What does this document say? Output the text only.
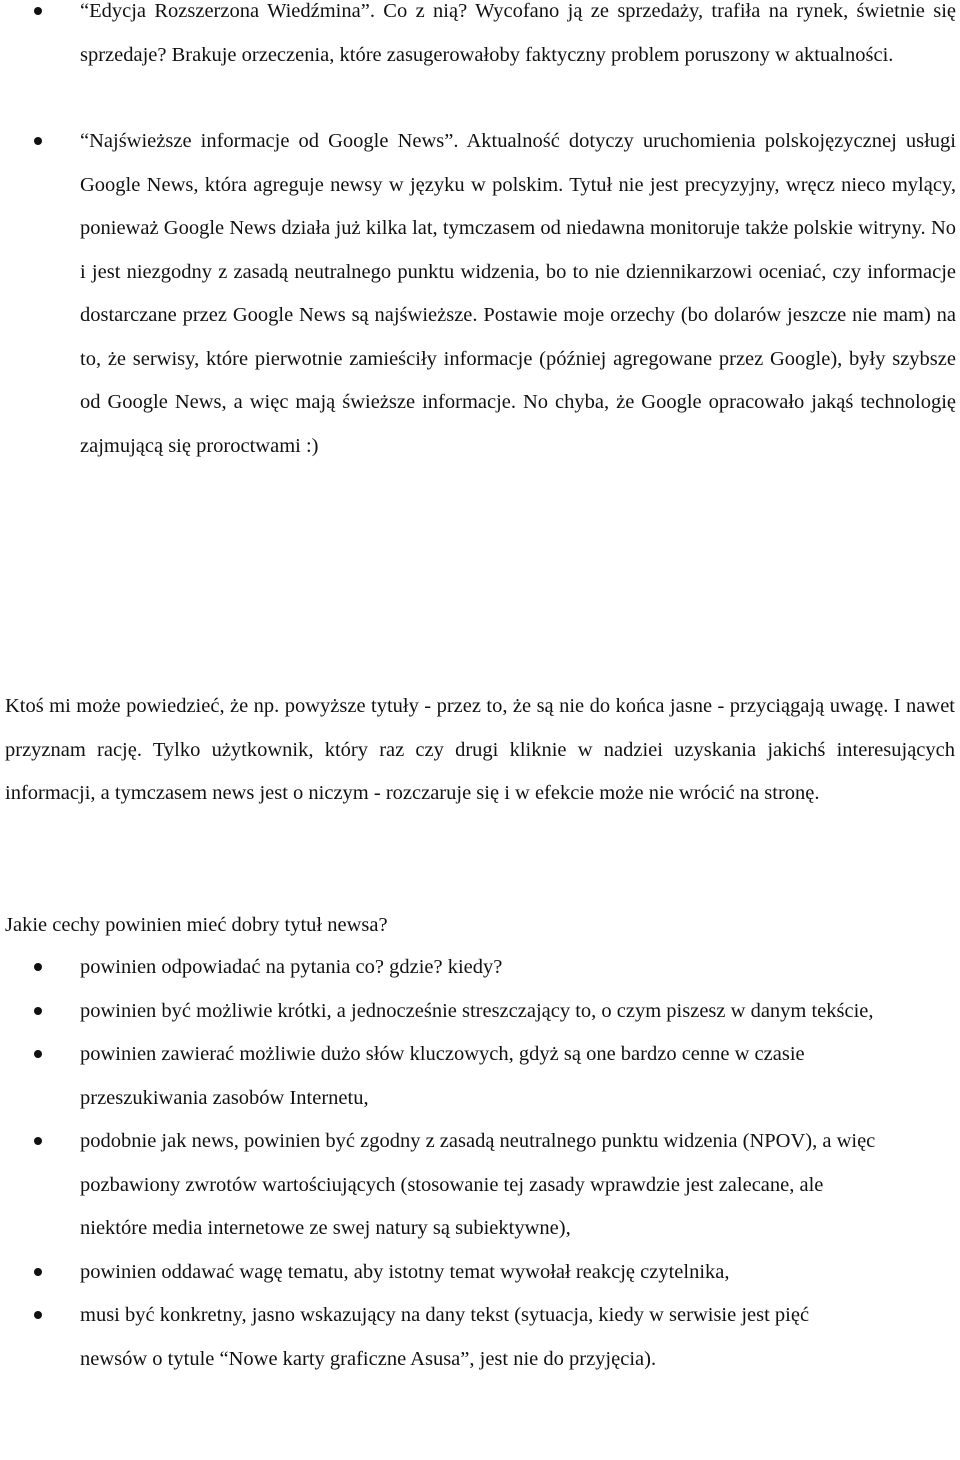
“Edycja Rozszerzona Wiedźmina”. Co z nią? Wycofano ją ze sprzedaży, trafiła na rynek, świetnie się sprzedaje? Brakuje orzeczenia, które zasugerowałoby faktyczny problem poruszony w aktualności.
“Najświeższe informacje od Google News”. Aktualność dotyczy uruchomienia polskojęzycznej usługi Google News, która agreguje newsy w języku w polskim. Tytuł nie jest precyzyjny, wręcz nieco mylący, ponieważ Google News działa już kilka lat, tymczasem od niedawna monitoruje także polskie witryny. No i jest niezgodny z zasadą neutralnego punktu widzenia, bo to nie dziennikarzowi oceniać, czy informacje dostarczane przez Google News są najświeższe. Postawie moje orzechy (bo dolarów jeszcze nie mam) na to, że serwisy, które pierwotnie zamieściły informacje (później agregowane przez Google), były szybsze od Google News, a więc mają świeższe informacje. No chyba, że Google opracowało jakąś technologię zajmującą się proroctwami :)

Ktoś mi może powiedzieć, że np. powyższe tytuły - przez to, że są nie do końca jasne - przyciągają uwagę. I nawet przyznam rację. Tylko użytkownik, który raz czy drugi kliknie w nadziei uzyskania jakichś interesujących informacji, a tymczasem news jest o niczym - rozczaruje się i w efekcie może nie wrócić na stronę.

Jakie cechy powinien mieć dobry tytuł newsa?
powinien odpowiadać na pytania co? gdzie? kiedy?
powinien być możliwie krótki, a jednocześnie streszczający to, o czym piszesz w danym tekście,
powinien zawierać możliwie dużo słów kluczowych, gdyż są one bardzo cenne w czasie przeszukiwania zasobów Internetu,
podobnie jak news, powinien być zgodny z zasadą neutralnego punktu widzenia (NPOV), a więc pozbawiony zwrotów wartościujących (stosowanie tej zasady wprawdzie jest zalecane, ale niektóre media internetowe ze swej natury są subiektywne),
powinien oddawać wagę tematu, aby istotny temat wywołał reakcję czytelnika,
musi być konkretny, jasno wskazujący na dany tekst (sytuacja, kiedy w serwisie jest pięć newsów o tytule “Nowe karty graficzne Asusa”, jest nie do przyjęcia).
